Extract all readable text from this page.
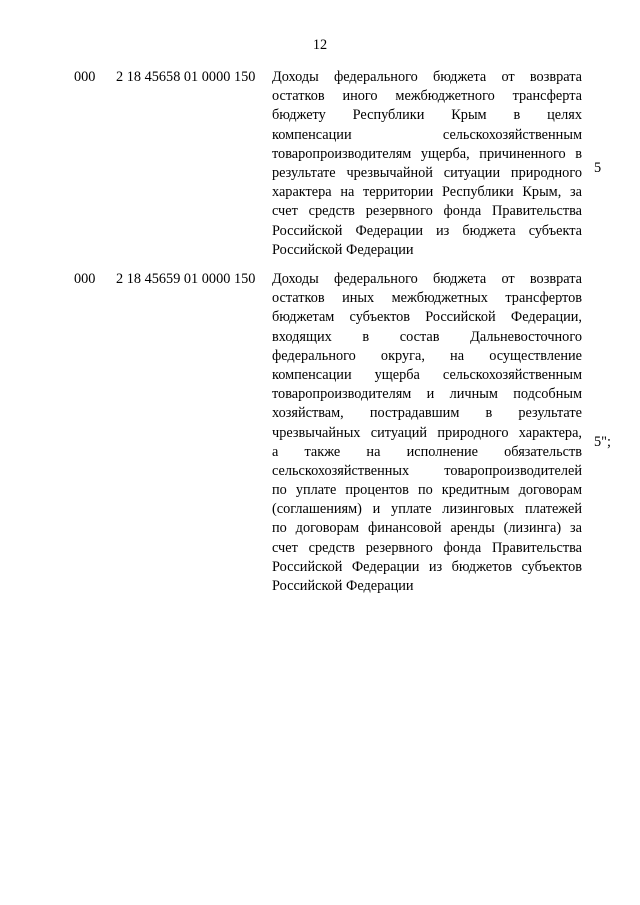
12
000 2 18 45658 01 0000 150 Доходы федерального бюджета от возврата
остатков иного межбюджетного трансферта
бюджету Республики Крым в целях
компенсации сельскохозяйственным
товаропроизводителям ущерба, причиненного в
результате чрезвычайной ситуации природного
характера на территории Республики Крым, за
счет средств резервного фонда Правительства
Российской Федерации из бюджета субъекта
Российской Федерации
5
000 2 18 45659 01 0000 150 Доходы федерального бюджета от возврата
остатков иных межбюджетных трансфертов
бюджетам субъектов Российской Федерации,
входящих в состав Дальневосточного
федерального округа, на осуществление
компенсации ущерба сельскохозяйственным
товаропроизводителям и личным подсобным
хозяйствам, пострадавшим в результате
чрезвычайных ситуаций природного характера,
а также на исполнение обязательств
сельскохозяйственных товаропроизводителей
по уплате процентов по кредитным договорам
(соглашениям) и уплате лизинговых платежей
по договорам финансовой аренды (лизинга) за
счет средств резервного фонда Правительства
Российской Федерации из бюджетов субъектов
Российской Федерации
5";
